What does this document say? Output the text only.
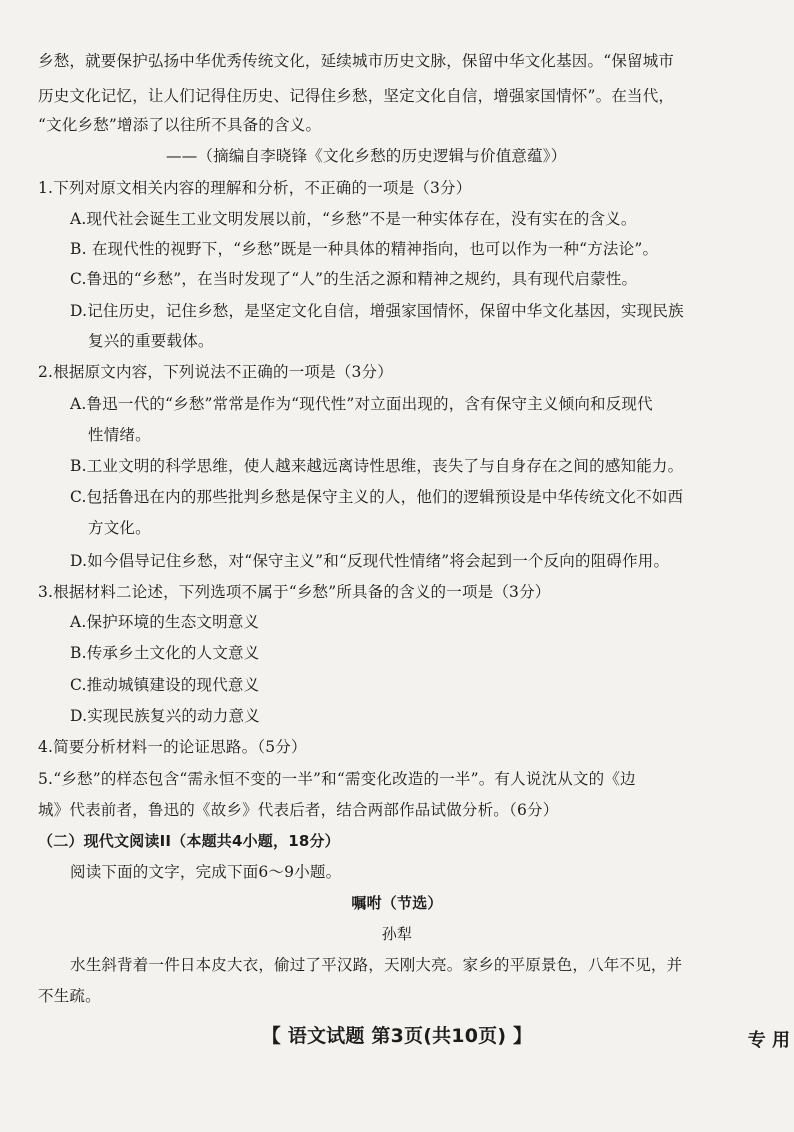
乡愁，就要保护弘扬中华优秀传统文化，延续城市历史文脉，保留中华文化基因。“保留城市
历史文化记忆，让人们记得住历史、记得住乡愁，坚定文化自信，增强家国情怀”。在当代，
“文化乡愁”增添了以往所不具备的含义。
——（摘编自李晓锋《文化乡愁的历史逻辑与价值意蕴》）
1.下列对原文相关内容的理解和分析，不正确的一项是（3分）
A.现代社会诞生工业文明发展以前，“乡愁”不是一种实体存在，没有实在的含义。
B. 在现代性的视野下，“乡愁”既是一种具体的精神指向，也可以作为一种“方法论”。
C.鲁迅的“乡愁”，在当时发现了“人”的生活之源和精神之规约，具有现代启蒙性。
D.记住历史，记住乡愁，是坚定文化自信，增强家国情怀，保留中华文化基因，实现民族
复兴的重要载体。
2.根据原文内容，下列说法不正确的一项是（3分）
A.鲁迅一代的“乡愁”常常是作为“现代性”对立面出现的，含有保守主义倾向和反现代
性情绪。
B.工业文明的科学思维，使人越来越远离诗性思维，丧失了与自身存在之间的感知能力。
C.包括鲁迅在内的那些批判乡愁是保守主义的人，他们的逻辑预设是中华传统文化不如西
方文化。
D.如今倡导记住乡愁，对“保守主义”和“反现代性情绪”将会起到一个反向的阻碍作用。
3.根据材料二论述，下列选项不属于“乡愁”所具备的含义的一项是（3分）
A.保护环境的生态文明意义
B.传承乡土文化的人文意义
C.推动城镇建设的现代意义
D.实现民族复兴的动力意义
4.简要分析材料一的论证思路。（5分）
5.“乡愁”的样态包含“需永恒不变的一半”和“需变化改造的一半”。有人说沈从文的《边
城》代表前者，鲁迅的《故乡》代表后者，结合两部作品试做分析。（6分）
（二）现代文阅读II（本题共4小题，18分）
阅读下面的文字，完成下面6～9小题。
嘱咐（节选）
孙犁
水生斜背着一件日本皮大衣，偷过了平汉路，天刚大亮。家乡的平原景色，八年不见，并
不生疏。
【 语文试题 第3页(共10页) 】	专 用
